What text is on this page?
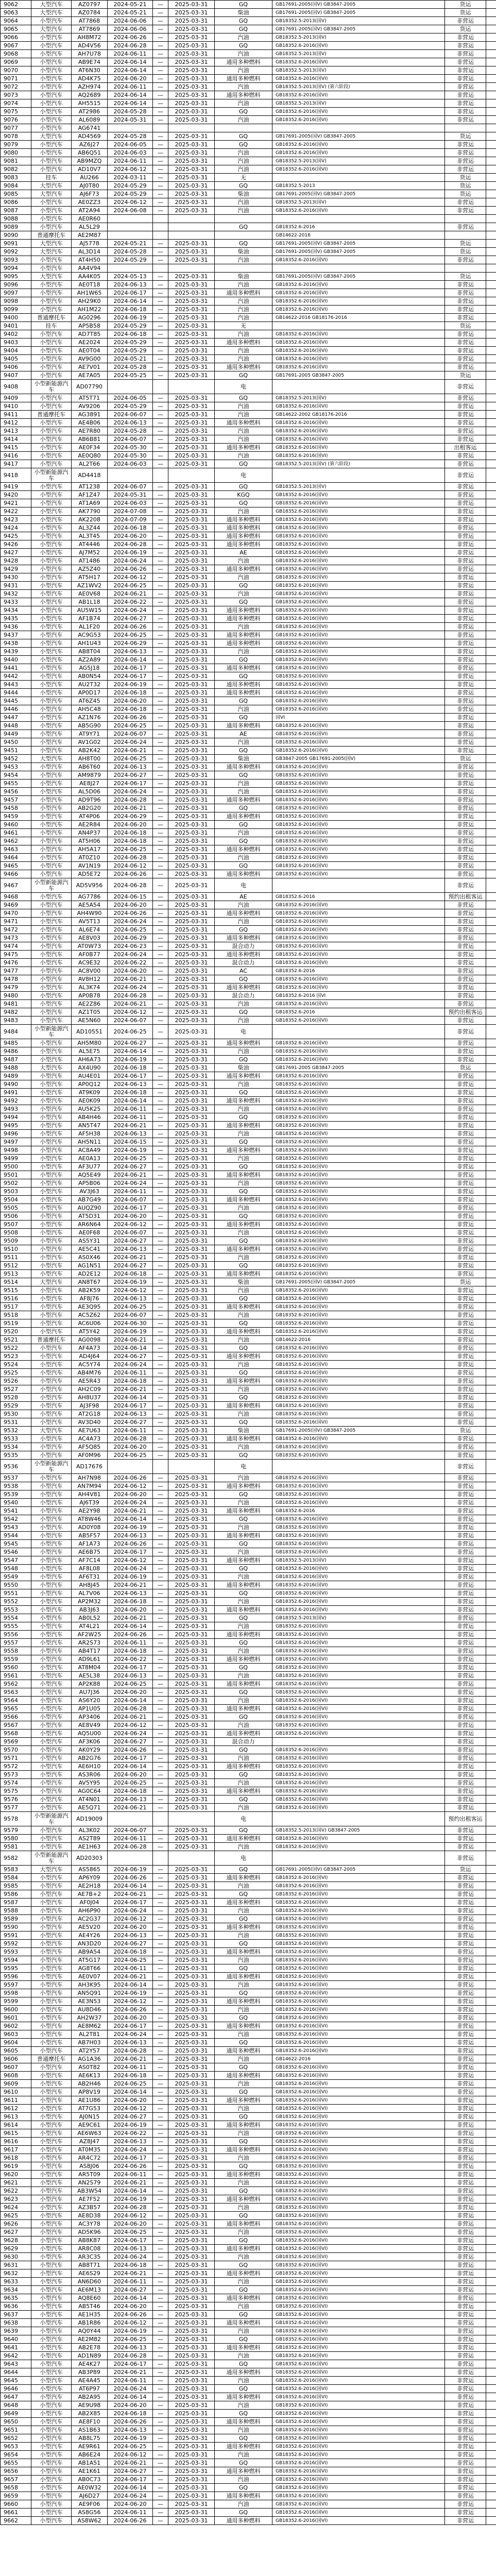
9062	大型汽车	AZ0797	2024-05-21	—	2025-03-31	GQ	GB17691-2005(国V) GB3847-2005	货运	
9063	大型汽车	AZ0784	2024-05-21	—	2025-03-31	柴油	GB17691-2005(国V) GB3847-2005	货运	
9064	小型汽车	AT7868	2024-06-06	—	2025-03-31	GQ	GB18352.5-2013(国V)	非营运	
9065	大型汽车	AT7869	2024-06-06	—	2025-03-31	GQ	GB17691-2005(国V) GB3847-2005	货运	
9066	小型汽车	AH8M72	2024-06-26	—	2025-03-31	汽油	GB18352.5-2013(国V)	非营运	
9067	小型汽车	AD4V56	2024-06-28	—	2025-03-31	GQ	GB18352.6-2016(国VI)	非营运	
9068	小型汽车	AH7U78	2024-06-11	—	2025-03-31	汽油	GB18352.5-2013(国V)	非营运	
9069	小型汽车	AB9E74	2024-06-14	—	2025-03-31	通用多种燃料	GB18352.6-2016(国VI)	非营运	
9070	小型汽车	AT6N30	2024-06-14	—	2025-03-31	汽油	GB18352.5-2013(国V)	非营运	
9071	小型汽车	AD4K75	2024-06-20	—	2025-03-31	通用多种燃料	GB18352.6-2016(国VI)	非营运	
9072	小型汽车	AZH974	2024-06-11	—	2025-03-31	汽油	GB18352.5-2013(国V) (第六阶段)	非营运	
9073	小型汽车	AQ2689	2024-06-14	—	2025-03-31	通用多种燃料	GB18352.6-2016(国VI)	非营运	
9074	小型汽车	AH5515	2024-06-14	—	2025-03-31	汽油	GB18352.5-2013(国V)	非营运	
9075	小型汽车	AT2986	2024-05-28	—	2025-03-31	GQ	GB18352.6-2016(国VI)	非营运	
9076	小型汽车	AL6089	2024-05-31	—	2025-03-31	汽油	GB18352.6-2016(国VI)	非营运	
9077	小型汽车	AG6741							
9078	大型汽车	AD4569	2024-05-28	—	2025-03-31	GQ	GB17691-2005(国V) GB3847-2005	货运	
9079	小型汽车	AZ6J27	2024-06-05	—	2025-03-31	GQ	GB18352.6-2016(国VI)	非营运	
9080	小型汽车	AB6Q51	2024-06-03	—	2025-03-31	汽油	GB18352.6-2016(国VI)	非营运	
9081	小型汽车	AB9MZQ	2024-06-11	—	2025-03-31	汽油	GB18352.5-2013(国V)	非营运	
9082	小型汽车	AD10V7	2024-06-12	—	2025-03-31	汽油	GB18352.6-2016(国VI)	非营运	
9083	挂车	AU266	2024-03-11	—	2025-03-31	无		货运	
9084	大型汽车	AJ0T80	2024-05-29	—	2025-03-31	GQ	GB18352.5-2013	货运	
9085	大型汽车	AJ6F73	2024-05-29	—	2025-03-31	柴油	GB17691-2005(国V) GB3847-2005	货运	
9086	小型汽车	AE0ZZ3	2024-06-12	—	2025-03-31	汽油	GB18352.5-2013(国V)	非营运	
9087	小型汽车	AT2A94	2024-06-08	—	2025-03-31	汽油	GB18352.6-2016(国VI)	非营运	
9088	小型汽车	AE0R60							
9089	小型汽车	AL5L29				GQ	GB18352.6-2016	非营运	
9090	普通摩托车	AE2M87					GB14622-2016		
9091	大型汽车	AJ5778	2024-05-21	—	2025-03-31	GQ	GB17691-2005(国V) GB3847-2005	货运	
9092	大型汽车	AL3D14	2024-05-28	—	2025-03-31	柴油	GB17691-2005(国V) GB3847-2005	货运	
9093	小型汽车	AT4H50	2024-05-29	—	2025-03-31	汽油	GB18352.6-2016(国VI)	非营运	
9094	小型汽车	AA4V94							
9095	大型汽车	AA4K05	2024-05-13	—	2025-03-31	柴油	GB17691-2005(国V) GB3847-2005	货运	
9096	小型汽车	AE0T18	2024-06-13	—	2025-03-31	汽油	GB18352.6-2016(国VI)	非营运	
9097	小型汽车	AH1W65	2024-06-17	—	2025-03-31	通用多种燃料	GB18352.6-2016(国VI)	非营运	
9098	小型汽车	AH29K0	2024-06-14	—	2025-03-31	汽油	GB18352.6-2016(国VI)	非营运	
9099	小型汽车	AH1M22	2024-06-18	—	2025-03-31	汽油	GB18352.6-2016(国VI)	非营运	
9400	普通摩托车	AG0296	2024-06-19	—	2025-03-31	汽油	GB14622-2016 GB18176-2016	非营运	
9401	挂车	AP5B58	2024-05-29	—	2025-03-31	无		货运	
9402	小型汽车	AD7T85	2024-06-18	—	2025-03-31	汽油	GB18352.6-2016(国VI)	非营运	
9403	小型汽车	AE2024	2024-05-29	—	2025-03-31	通用多种燃料	GB18352.6-2016(国VI)	非营运	
9404	小型汽车	AE0T04	2024-05-29	—	2025-03-31	汽油	GB18352.6-2016(国VI)	非营运	
9405	小型汽车	AV9G00	2024-05-21	—	2025-03-31	汽油	GB18352.6-2016(国VI)	非营运	
9406	小型汽车	AE7V01	2024-05-28	—	2025-03-31	通用多种燃料	GB18352.6-2016(国VI)	非营运	
9407	小型汽车	AE7A05	2024-05-25	—	2025-03-31	GQ	GB17691-2005 GB3847-2005	货运	
9408	小型新能源汽车	AD07790				电		非营运	
9409	小型汽车	AT5T71	2024-06-05	—	2025-03-31	GQ	GB18352.5-2013(国V)	非营运	
9410	小型汽车	AV9206	2024-05-29	—	2025-03-31	汽油	GB18352.6-2016(国VI)	非营运	
9411	普通摩托车	AG3891	2024-06-07	—	2025-03-31	汽油	GB14622-2002 GB18176-2016	非营运	
9412	小型汽车	AE4B06	2024-06-13	—	2025-03-31	通用多种燃料	GB18352.6-2016(国VI)	非营运	
9413	小型汽车	AE7R80	2024-05-28	—	2025-03-31	汽油	GB18352.6-2016(国VI)	非营运	
9414	小型汽车	AB6B81	2024-06-07	—	2025-03-31	汽油	GB18352.6-2016(国VI)	非营运	
9415	小型汽车	AE0F34	2024-05-30	—	2025-03-31	通用多种燃料	GB18352.6-2016(国VI)	出租客运	
9416	小型汽车	AE0Q80	2024-05-30	—	2025-03-31	汽油	GB18352.6-2016(国VI)	非营运	
9417	小型汽车	AL2T66	2024-06-03	—	2025-03-31	GQ	GB18352.5-2013(国V) (第六阶段)	非营运	
9418	小型新能源汽车	AD4418				电		非营运	
9419	小型汽车	AT1238	2024-06-07	—	2025-03-31	GQ	GB18352.5-2013(国V)	非营运	
9420	小型汽车	AF1Z47	2024-05-31	—	2025-03-31	KGQ	GB18352.6-2016(国VI)	非营运	
9421	小型汽车	AT1A69	2024-06-03	—	2025-03-31	GQ	GB18352.6-2016(国VI)	非营运	
9422	小型汽车	AK7790	2024-07-08	—	2025-03-31	汽油	GB18352.6-2016(国VI)	非营运	
9423	小型汽车	AK2208	2024-07-09	—	2025-03-31	通用多种燃料	GB18352.6-2016(国VI)	非营运	
9424	小型汽车	AL3Z44	2024-06-18	—	2025-03-31	通用多种燃料	GB18352.6-2016(国VI)	非营运	
9425	小型汽车	AL3T45	2024-06-20	—	2025-03-31	通用多种燃料	GB18352.6-2016(国VI)	非营运	
9426	小型汽车	AT4446	2024-06-28	—	2025-03-31	通用多种燃料	GB18352.6-2016(国VI)	非营运	
9427	小型汽车	AJ7M52	2024-06-19	—	2025-03-31	AE	GB18352.6-2016(国VI)	非营运	
9428	小型汽车	AT1486	2024-06-24	—	2025-03-31	汽油	GB18352.6-2016(国VI)	非营运	
9429	小型汽车	AZ5Z40	2024-06-26	—	2025-03-31	通用多种燃料	GB18352.6-2016(国VI)	非营运	
9430	小型汽车	AT5H17	2024-06-12	—	2025-03-31	汽油	GB18352.6-2016(国VI)	非营运	
9431	小型汽车	AZ1WV2	2024-06-25	—	2025-03-31	GQ	GB18352.6-2016(国VI)	非营运	
9432	小型汽车	AE0V68	2024-06-21	—	2025-03-31	汽油	GB18352.6-2016(国VI)	非营运	
9433	小型汽车	AB1L18	2024-06-22	—	2025-03-31	GQ	GB18352.6-2016(国VI)	非营运	
9434	小型汽车	AU5W15	2024-06-24	—	2025-03-31	通用多种燃料	GB18352.6-2016(国VI)	非营运	
9435	小型汽车	AF1B74	2024-06-27	—	2025-03-31	通用多种燃料	GB18352.6-2016(国VI)	非营运	
9436	小型汽车	AL1F20	2024-06-26	—	2025-03-31	汽油	GB18352.6-2016(国VI)	非营运	
9437	小型汽车	AC9G53	2024-06-25	—	2025-03-31	通用多种燃料	GB18352.6-2016(国VI)	非营运	
9438	小型汽车	AH1U43	2024-06-29	—	2025-03-31	通用多种燃料	GB18352.6-2016(国VI)	非营运	
9439	小型汽车	AB8T04	2024-06-13	—	2025-03-31	汽油	GB18352.6-2016(国VI)	非营运	
9440	小型汽车	AZ2A89	2024-06-14	—	2025-03-31	GQ	GB18352.6-2016(国VI)	非营运	
9441	小型汽车	AG5J18	2024-06-17	—	2025-03-31	通用多种燃料	GB18352.6-2016(国VI)	非营运	
9442	小型汽车	AB0N54	2024-06-17	—	2025-03-31	GQ	GB18352.6-2016(国VI)	非营运	
9443	小型汽车	AU2T32	2024-06-19	—	2025-03-31	通用多种燃料	GB18352.6-2016(国VI)	非营运	
9444	小型汽车	AP0D17	2024-06-18	—	2025-03-31	通用多种燃料	GB18352.6-2016(国VI)	非营运	
9445	小型汽车	AT6Z45	2024-06-20	—	2025-03-31	GQ	GB18352.6-2016(国VI)	非营运	
9446	小型汽车	AH5C48	2024-06-18	—	2025-03-31	汽油	GB18352.6-2016(国VI)	非营运	
9447	小型汽车	AZ1N76	2024-06-26	—	2025-03-31	GQ	国VI	非营运	
9448	小型汽车	AB5G90	2024-06-25	—	2025-03-31	通用多种燃料	GB18352.6-2016(国VI)	非营运	
9449	小型汽车	AT9Y71	2024-06-07	—	2025-03-31	AE	GB18352.6-2016(国VI)	非营运	
9450	小型汽车	AV1G02	2024-06-24	—	2025-03-31	汽油	GB18352.6-2016(国VI)	非营运	
9451	小型汽车	AB2K42	2024-06-21	—	2025-03-31	GQ	GB18352.6-2016(国VI)	非营运	
9452	大型汽车	AH8T00	2024-06-25	—	2025-03-31	柴油	GB3847-2005 GB17691-2005(国V)	货运	
9453	小型汽车	AB6T60	2024-06-13	—	2025-03-31	通用多种燃料	GB18352.6-2016(国VI)	非营运	
9454	小型汽车	AM9879	2024-06-27	—	2025-03-31	GQ	GB18352.6-2016(国VI)	非营运	
9455	小型汽车	AE8J27	2024-06-17	—	2025-03-31	汽油	GB18352.6-2016(国VI)	非营运	
9456	小型汽车	AL5D06	2024-06-24	—	2025-03-31	汽油	GB18352.6-2016(国VI)	非营运	
9457	小型汽车	AD9T96	2024-06-28	—	2025-03-31	通用多种燃料	GB18352.6-2016(国VI)	非营运	
9458	小型汽车	AB2G20	2024-06-21	—	2025-03-31	GQ	GB18352.6-2016(国VI)	非营运	
9459	小型汽车	AT4P06	2024-06-29	—	2025-03-31	通用多种燃料	GB18352.6-2016(国VI)	非营运	
9460	小型汽车	AE2R84	2024-06-20	—	2025-03-31	GQ	GB18352.6-2016(国VI)	非营运	
9461	小型汽车	AN4P37	2024-06-18	—	2025-03-31	汽油	GB18352.6-2016(国VI)	非营运	
9462	小型汽车	AT5H06	2024-06-18	—	2025-03-31	GQ	GB18352.6-2016(国VI)	非营运	
9463	小型汽车	AH5A17	2024-06-25	—	2025-03-31	通用多种燃料	GB18352.6-2016(国VI)	非营运	
9464	小型汽车	AT0Z10	2024-06-28	—	2025-03-31	汽油	GB18352.6-2016(国VI)	非营运	
9465	小型汽车	AV1N19	2024-06-12	—	2025-03-31	GQ	GB18352.6-2016(国VI)	非营运	
9466	小型汽车	AD5E72	2024-06-26	—	2025-03-31	通用多种燃料	GB18352.6-2016(国VI)	非营运	
9467	小型新能源汽车	AD5V956	2024-06-28	—	2025-03-31	电		非营运	
9468	小型汽车	AG7786	2024-06-15	—	2025-03-31	AE	GB18352.6-2016	预约出租客运	
9469	小型汽车	AE5A54	2024-06-20	—	2025-03-31	汽油	GB18352.6-2016(国VI)	非营运	
9470	小型汽车	AH4W90	2024-06-26	—	2025-03-31	通用多种燃料	GB18352.6-2016(国VI)	非营运	
9471	小型汽车	AV5T13	2024-06-24	—	2025-03-31	汽油	GB18352.6-2016(国VI)	非营运	
9472	小型汽车	AL6E74	2024-06-25	—	2025-03-31	GQ	GB18352.6-2016(国VI)	非营运	
9473	小型汽车	AE8V03	2024-06-29	—	2025-03-31	通用多种燃料	GB18352.6-2016(国VI)	非营运	
9474	小型汽车	AT0W73	2024-06-23	—	2025-03-31	混合动力	GB18352.6-2016(国VI)	非营运	
9475	小型汽车	AF0B77	2024-06-24	—	2025-03-31	通用多种燃料	GB18352.6-2016(国VI)	非营运	
9476	小型汽车	AC9E32	2024-06-22	—	2025-03-31	混合动力	GB18352.6-2016(国VI)	非营运	
9477	小型汽车	AC8V00	2024-06-20	—	2025-03-31	AC	GB18352.6-2016	非营运	
9478	小型汽车	AV8H12	2024-06-21	—	2025-03-31	GQ	GB18352.6-2016(国VI)	非营运	
9479	小型汽车	AL3K74	2024-06-24	—	2025-03-31	通用多种燃料	GB18352.6-2016(国VI)	非营运	
9480	小型汽车	AP0B78	2024-06-28	—	2025-03-31	混合动力	GB18352.6-2016 国VI	非营运	
9481	小型汽车	AE2Z86	2024-06-21	—	2025-03-31	汽油	GB18352.6-2016(国VI)	非营运	
9482	小型汽车	AZ1T05	2024-06-12	—	2025-03-31	GQ	GB18352.6-2016	预约出租客运	
9483	小型汽车	AE5N60	2024-06-07	—	2025-03-31	汽油	GB18352.6-2016(国VI)	非营运	
9484	小型新能源汽车	AD10551	2024-06-25	—	2025-03-31	电		非营运	
9485	小型汽车	AH5M80	2024-06-27	—	2025-03-31	通用多种燃料	GB18352.6-2016(国VI)	非营运	
9486	小型汽车	AL5E75	2024-06-14	—	2025-03-31	汽油	GB18352.6-2016(国VI)	非营运	
9487	小型汽车	AH6A73	2024-06-19	—	2025-03-31	GQ	GB18352.6-2016(国VI)	非营运	
9488	大型汽车	AX4U90	2024-06-18	—	2025-03-31	柴油	GB17691-2005 GB3847-2005	货运	
9489	小型汽车	AU4E01	2024-06-17	—	2025-03-31	通用多种燃料	GB18352.6-2016(国VI)	非营运	
9490	小型汽车	AP0Q12	2024-06-13	—	2025-03-31	汽油	GB18352.6-2016(国VI)	非营运	
9491	小型汽车	AT9K09	2024-06-18	—	2025-03-31	GQ	GB18352.6-2016(国VI)	非营运	
9492	小型汽车	AE0K09	2024-06-14	—	2025-03-31	通用多种燃料	GB18352.6-2016(国VI)	非营运	
9493	小型汽车	AU5K25	2024-06-11	—	2025-03-31	汽油	GB18352.6-2016(国VI)	非营运	
9494	小型汽车	AB4H46	2024-06-11	—	2025-03-31	GQ	GB18352.6-2016(国VI)	非营运	
9495	小型汽车	AN5T47	2024-06-21	—	2025-03-31	通用多种燃料	GB18352.6-2016(国VI)	非营运	
9496	小型汽车	AF5H38	2024-06-13	—	2025-03-31	汽油	GB18352.6-2016(国VI)	非营运	
9497	小型汽车	AH5N11	2024-06-15	—	2025-03-31	GQ	GB18352.6-2016(国VI)	非营运	
9498	小型汽车	AC8A49	2024-06-19	—	2025-03-31	通用多种燃料	GB18352.6-2016(国VI)	非营运	
9499	小型汽车	AE0A13	2024-06-25	—	2025-03-31	汽油	GB18352.6-2016(国VI)	非营运	
9500	小型汽车	AF3U77	2024-06-27	—	2025-03-31	GQ	GB18352.6-2016(国VI)	非营运	
9501	小型汽车	AQ5E49	2024-06-21	—	2025-03-31	通用多种燃料	GB18352.6-2016(国VI)	非营运	
9502	小型汽车	AP5B06	2024-06-24	—	2025-03-31	汽油	GB18352.6-2016(国VI)	非营运	
9503	小型汽车	AV3J63	2024-06-11	—	2025-03-31	GQ	GB18352.6-2016(国VI)	非营运	
9504	小型汽车	AB7G49	2024-06-07	—	2025-03-31	通用多种燃料	GB18352.6-2016(国VI)	非营运	
9505	小型汽车	AUQZ90	2024-06-17	—	2025-03-31	汽油	GB18352.6-2016(国VI)	非营运	
9506	小型汽车	AT5D31	2024-06-20	—	2025-03-31	GQ	GB18352.6-2016(国VI)	非营运	
9507	小型汽车	AR6N64	2024-06-12	—	2025-03-31	通用多种燃料	GB18352.6-2016(国VI)	非营运	
9508	小型汽车	AE0F68	2024-06-07	—	2025-03-31	汽油	GB18352.6-2016(国VI)	非营运	
9509	小型汽车	AS5Y31	2024-06-27	—	2025-03-31	GQ	GB18352.6-2016(国VI)	非营运	
9510	小型汽车	AE5C41	2024-06-13	—	2025-03-31	通用多种燃料	GB18352.6-2016(国VI)	非营运	
9511	小型汽车	AS0X46	2024-06-21	—	2025-03-31	汽油	GB18352.6-2016(国VI)	非营运	
9512	小型汽车	AG1N51	2024-06-27	—	2025-03-31	GQ	GB18352.6-2016(国VI)	非营运	
9513	小型汽车	AD2E12	2024-06-18	—	2025-03-31	通用多种燃料	GB18352.6-2016(国VI)	非营运	
9514	大型汽车	AN8T67	2024-06-19	—	2025-03-31	柴油	GB17691-2005(国V) GB3847-2005	货运	
9515	小型汽车	AB2K59	2024-06-12	—	2025-03-31	汽油	GB18352.6-2016(国VI)	非营运	
9516	小型汽车	AF8J76	2024-06-13	—	2025-03-31	GQ	GB18352.6-2016(国VI)	非营运	
9517	小型汽车	AE3Q95	2024-06-25	—	2025-03-31	通用多种燃料	GB18352.6-2016(国VI)	非营运	
9518	小型汽车	AC5Z62	2024-06-07	—	2025-03-31	汽油	GB18352.6-2016(国VI)	非营运	
9519	小型汽车	AC6U06	2024-06-30	—	2025-03-31	GQ	GB18352.6-2016(国VI)	非营运	
9520	小型汽车	AT5Y42	2024-06-19	—	2025-03-31	通用多种燃料	GB18352.6-2016(国VI)	非营运	
9521	普通摩托车	AG0098	2024-06-21	—	2025-03-31	汽油	GB14622-2016	非营运	
9522	小型汽车	AF4A73	2024-06-14	—	2025-03-31	GQ	GB18352.6-2016(国VI)	非营运	
9523	小型汽车	AD4J64	2024-06-27	—	2025-03-31	通用多种燃料	GB18352.6-2016(国VI)	非营运	
9524	小型汽车	AC5Y74	2024-06-24	—	2025-03-31	汽油	GB18352.6-2016(国VI)	非营运	
9525	小型汽车	AB4M76	2024-06-11	—	2025-03-31	GQ	GB18352.6-2016(国VI)	非营运	
9526	小型汽车	AE5R43	2024-06-18	—	2025-03-31	通用多种燃料	GB18352.6-2016(国VI)	非营运	
9527	小型汽车	AH2C09	2024-06-21	—	2025-03-31	汽油	GB18352.6-2016(国VI)	非营运	
9528	小型汽车	AH8U37	2024-06-14	—	2025-03-31	GQ	GB18352.6-2016(国VI)	非营运	
9529	小型汽车	AJ3F98	2024-06-17	—	2025-03-31	通用多种燃料	GB18352.6-2016(国VI)	非营运	
9530	小型汽车	AT2G18	2024-06-13	—	2025-03-31	汽油	GB18352.6-2016(国VI)	非营运	
9531	小型汽车	AV3D40	2024-06-27	—	2025-03-31	GQ	GB18352.6-2016(国VI)	非营运	
9532	大型汽车	AE7U63	2024-06-11	—	2025-03-31	柴油	GB17691-2005(国V) GB3847-2005	货运	
9533	小型汽车	AC4A73	2024-06-28	—	2025-03-31	通用多种燃料	GB18352.6-2016(国VI)	非营运	
9534	小型汽车	AF5Q85	2024-06-20	—	2025-03-31	汽油	GB18352.6-2016(国VI)	非营运	
9535	小型汽车	AF0M96	2024-06-25	—	2025-03-31	GQ	GB18352.6-2016(国VI)	非营运	
9536	小型新能源汽车	AD17676				电		非营运	
9537	小型汽车	AH7N98	2024-06-26	—	2025-03-31	汽油	GB18352.6-2016(国VI)	非营运	
9538	小型汽车	AN7M94	2024-06-12	—	2025-03-31	通用多种燃料	GB18352.6-2016(国VI)	非营运	
9539	小型汽车	AH4V81	2024-06-20	—	2025-03-31	GQ	GB18352.6-2016(国VI)	非营运	
9540	小型汽车	AJ6T39	2024-06-24	—	2025-03-31	汽油	GB18352.6-2016(国VI)	非营运	
9541	小型汽车	AE2Y98	2024-06-21	—	2025-03-31	通用多种燃料	GB18352.6-2016	非营运	
9542	小型汽车	AT8W46	2024-06-14	—	2025-03-31	GQ	GB18352.6-2016(国VI)	非营运	
9543	小型汽车	AD0Y08	2024-06-19	—	2025-03-31	汽油	GB18352.6-2016(国VI)	非营运	
9544	小型汽车	AB5F57	2024-06-13	—	2025-03-31	通用多种燃料	GB18352.6-2016(国VI)	非营运	
9545	小型汽车	AF1A73	2024-06-26	—	2025-03-31	GQ	GB18352.6-2016(国VI)	非营运	
9546	小型汽车	AE6B75	2024-06-17	—	2025-03-31	汽油	GB18352.6-2016(国VI)	非营运	
9547	小型汽车	AF7C14	2024-06-12	—	2025-03-31	通用多种燃料	GB18352.5-2013(国V)	非营运	
9548	小型汽车	AF8L08	2024-06-24	—	2025-03-31	GQ	GB18352.6-2016(国VI)	非营运	
9549	小型汽车	AF6T31	2024-06-19	—	2025-03-31	汽油	GB18352.6-2016(国VI)	非营运	
9550	小型汽车	AH8J45	2024-06-21	—	2025-03-31	通用多种燃料	GB18352.6-2016(国VI)	非营运	
9551	小型汽车	AL7V06	2024-06-13	—	2025-03-31	GQ	GB18352.6-2016(国VI)	非营运	
9552	小型汽车	AP2M32	2024-06-18	—	2025-03-31	汽油	GB18352.6-2016(国VI)	非营运	
9553	小型汽车	AB3J63	2024-06-20	—	2025-03-31	通用多种燃料	GB18352.6-2016(国VI)	非营运	
9554	小型汽车	AB0L52	2024-06-21	—	2025-03-31	GQ	GB18352.5-2013(国V)	非营运	
9555	小型汽车	AT4L21	2024-06-14	—	2025-03-31	汽油	GB18352.6-2016(国VI)	非营运	
9556	小型汽车	AF2W25	2024-06-26	—	2025-03-31	通用多种燃料	GB18352.6-2016(国VI)	非营运	
9557	小型汽车	AR2S73	2024-06-11	—	2025-03-31	GQ	GB18352.6-2016(国VI)	非营运	
9558	小型汽车	AB4T17	2024-06-18	—	2025-03-31	汽油	GB18352.6-2016(国VI)	非营运	
9559	小型汽车	AD9L61	2024-06-22	—	2025-03-31	通用多种燃料	GB18352.6-2016(国VI)	非营运	
9560	小型汽车	AT8M04	2024-06-17	—	2025-03-31	GQ	GB18352.6-2016(国VI)	非营运	
9561	小型汽车	AE5L38	2024-06-13	—	2025-03-31	汽油	GB18352.6-2016(国VI)	非营运	
9562	小型汽车	AP2K88	2024-06-25	—	2025-03-31	通用多种燃料	GB18352.6-2016(国VI)	非营运	
9563	小型汽车	AU7J36	2024-06-20	—	2025-03-31	GQ	GB18352.6-2016(国VI)	非营运	
9564	小型汽车	AS6Y20	2024-06-14	—	2025-03-31	汽油	GB18352.6-2016(国VI)	非营运	
9565	小型汽车	AP1U05	2024-06-28	—	2025-03-31	通用多种燃料	GB18352.6-2016(国VI)	非营运	
9566	小型汽车	AP3406	2024-06-21	—	2025-03-31	GQ	GB18352.6-2016(国VI)	非营运	
9567	小型汽车	AE8V49	2024-06-12	—	2025-03-31	汽油	GB18352.6-2016(国VI)	非营运	
9568	小型汽车	AQ5U00	2024-06-24	—	2025-03-31	通用多种燃料	GB18352.6-2016(国VI)	非营运	
9569	小型汽车	AF3K06	2024-06-27	—	2025-03-31	混合动力		非营运	
9570	小型汽车	AK0Y29	2024-06-26	—	2025-03-31	GQ	GB18352.6-2016(国VI)	非营运	
9571	小型汽车	AB2G76	2024-06-17	—	2025-03-31	汽油	GB18352.6-2016(国VI)	非营运	
9572	小型汽车	AE6H10	2024-06-14	—	2025-03-31	通用多种燃料	GB18352.6-2016(国VI)	非营运	
9573	小型汽车	AS3R06	2024-06-20	—	2025-03-31	GQ	GB18352.6-2016(国VI)	非营运	
9574	小型汽车	AV5Y95	2024-06-25	—	2025-03-31	汽油	GB18352.6-2016(国VI)	非营运	
9575	小型汽车	AG0C64	2024-06-18	—	2025-03-31	通用多种燃料	GB18352.6-2016(国VI)	非营运	
9576	小型汽车	AT4N01	2024-06-13	—	2025-03-31	GQ	GB18352.6-2016(国VI)	非营运	
9577	小型汽车	AE5Q71	2024-06-21	—	2025-03-31	汽油	GB18352.6-2016(国VI)	非营运	
9578	小型新能源汽车	AD19009				电		预约出租客运	
9579	小型汽车	AL3K02	2024-06-07	—	2025-03-31	GQ	GB18352.5-2013(国V) GB3847-2005	非营运	
9580	小型汽车	AS2T89	2024-06-11	—	2025-03-31	通用多种燃料	GB18352.6-2016(国VI)	非营运	
9581	小型汽车	AE1H63	2024-06-28	—	2025-03-31	汽油	GB18352.6-2016(国VI)	非营运	
9582	小型新能源汽车	AD20303				电		非营运	
9583	大型汽车	AS5865	2024-06-19	—	2025-03-31	GQ	GB17691-2005(国V) GB3847-2005	货运	
9584	小型汽车	AP6Y09	2024-06-26	—	2025-03-31	通用多种燃料	GB18352.6-2016(国VI)	非营运	
9585	小型汽车	AE2H18	2024-06-14	—	2025-03-31	汽油	GB18352.6-2016(国VI)	非营运	
9586	小型汽车	AE7B+2	2024-06-21	—	2025-03-31	GQ	GB18352.6-2016(国VI)	非营运	
9587	小型汽车	AF0J04	2024-06-17	—	2025-03-31	通用多种燃料	GB18352.6-2016(国VI)	非营运	
9588	小型汽车	AH6P90	2024-06-24	—	2025-03-31	汽油	GB18352.6-2016(国VI)	非营运	
9589	小型汽车	AC2G37	2024-06-12	—	2025-03-31	GQ	GB18352.6-2016(国VI)	非营运	
9590	小型汽车	AE5V20	2024-06-20	—	2025-03-31	通用多种燃料	GB18352.6-2016(国VI)	非营运	
9591	小型汽车	AE4Y26	2024-06-13	—	2025-03-31	汽油	GB18352.6-2016(国VI)	非营运	
9592	小型汽车	AN3D20	2024-06-27	—	2025-03-31	GQ	GB18352.6-2016(国VI)	非营运	
9593	小型汽车	AB9A54	2024-06-18	—	2025-03-31	通用多种燃料	GB18352.6-2016(国VI)	非营运	
9594	小型汽车	AT5G17	2024-06-25	—	2025-03-31	汽油	GB18352.6-2016(国VI)	非营运	
9595	小型汽车	AG8T66	2024-06-11	—	2025-03-31	GQ	GB18352.6-2016(国VI)	非营运	
9596	小型汽车	AE0V07	2024-06-21	—	2025-03-31	通用多种燃料	GB18352.6-2016(国VI)	非营运	
9597	小型汽车	AH3K95	2024-06-14	—	2025-03-31	汽油	GB18352.6-2016(国VI)	非营运	
9598	小型汽车	AN5Q91	2024-06-19	—	2025-03-31	GQ	GB18352.6-2016(国VI)	非营运	
9599	小型汽车	AE3N53	2024-06-12	—	2025-03-31	通用多种燃料	GB18352.6-2016(国VI)	非营运	
9600	小型汽车	AU8D46	2024-06-26	—	2025-03-31	汽油	GB18352.6-2016(国VI)	非营运	
9601	小型汽车	AH2W37	2024-06-20	—	2025-03-31	GQ	GB18352.6-2016(国VI)	非营运	
9602	小型汽车	AE8M62	2024-06-17	—	2025-03-31	通用多种燃料	GB18352.6-2016(国VI)	非营运	
9603	小型汽车	AL2T81	2024-06-24	—	2025-03-31	汽油	GB18352.6-2016(国VI)	非营运	
9604	小型汽车	AB7H03	2024-06-13	—	2025-03-31	GQ	GB18352.6-2016(国VI)	非营运	
9605	小型汽车	AT2Y57	2024-06-28	—	2025-03-31	通用多种燃料	GB18352.6-2016(国VI)	非营运	
9606	普通摩托车	AG1A36	2024-06-21	—	2025-03-31	汽油	GB14622-2016	非营运	
9607	小型汽车	AS0T82	2024-06-11	—	2025-03-31	GQ	GB18352.6-2016(国VI)	非营运	
9608	小型汽车	AE6K13	2024-06-18	—	2025-03-31	通用多种燃料	GB18352.6-2016(国VI)	非营运	
9609	小型汽车	AB2H46	2024-06-25	—	2025-03-31	汽油	GB18352.6-2016(国VI)	非营运	
9610	小型汽车	AP8V19	2024-06-14	—	2025-03-31	GQ	GB18352.6-2016(国VI)	非营运	
9611	小型汽车	AE1U86	2024-06-20	—	2025-03-31	通用多种燃料	GB18352.6-2016(国VI)	非营运	
9612	小型汽车	AT7G53	2024-06-12	—	2025-03-31	汽油	GB18352.6-2016(国VI)	非营运	
9613	小型汽车	AJ0N15	2024-06-27	—	2025-03-31	GQ	GB18352.6-2016(国VI)	非营运	
9614	小型汽车	AE9C61	2024-06-19	—	2025-03-31	通用多种燃料	GB18352.6-2016(国VI)	非营运	
9615	小型汽车	AE6W63	2024-06-22	—	2025-03-31	汽油	GB18352.6-2016(国VI)	非营运	
9616	小型汽车	AZ8J47	2024-06-13	—	2025-03-31	GQ	GB18352.6-2016(国VI)	非营运	
9617	小型汽车	AT0M35	2024-06-24	—	2025-03-31	通用多种燃料	GB18352.6-2016(国VI)	非营运	
9618	小型汽车	AR4C72	2024-06-17	—	2025-03-31	汽油	GB18352.6-2016(国VI)	非营运	
9619	小型汽车	AS8J06	2024-06-26	—	2025-03-31	GQ	GB18352.6-2016(国VI)	非营运	
9620	小型汽车	AR5T09	2024-06-11	—	2025-03-31	通用多种燃料	GB18352.6-2016(国VI)	非营运	
9621	小型汽车	AN2S79	2024-06-21	—	2025-03-31	汽油	GB18352.6-2016(国VI)	非营运	
9622	小型汽车	AB3W54	2024-06-14	—	2025-03-31	GQ	GB18352.6-2016(国VI)	非营运	
9623	小型汽车	AE7F52	2024-06-19	—	2025-03-31	通用多种燃料	GB18352.6-2016(国VI)	非营运	
9624	小型汽车	AZ3B57	2024-06-28	—	2025-03-31	汽油	GB18352.6-2016(国VI)	非营运	
9625	小型汽车	AE8D38	2024-06-12	—	2025-03-31	GQ	GB18352.6-2016(国VI)	非营运	
9626	小型汽车	AC3Y78	2024-06-20	—	2025-03-31	通用多种燃料	GB18352.6-2016(国VI)	非营运	
9627	小型汽车	AD5K96	2024-06-25	—	2025-03-31	汽油	GB18352.6-2016(国VI)	非营运	
9628	小型汽车	AB8K87	2024-06-17	—	2025-03-31	GQ	GB18352.6-2016(国VI)	非营运	
9629	小型汽车	AR8C08	2024-06-13	—	2025-03-31	通用多种燃料	GB18352.6-2016(国VI)	非营运	
9630	小型汽车	AR3C35	2024-06-24	—	2025-03-31	汽油	GB18352.6-2016(国VI)	非营运	
9631	小型汽车	AB8T71	2024-06-18	—	2025-03-31	GQ	GB18352.6-2016(国VI)	非营运	
9632	小型汽车	AE6S29	2024-06-21	—	2025-03-31	通用多种燃料	GB18352.6-2016(国VI)	非营运	
9633	小型汽车	AN6D60	2024-06-11	—	2025-03-31	汽油	GB18352.6-2016(国VI)	非营运	
9634	小型汽车	AE6M13	2024-06-27	—	2025-03-31	GQ	GB18352.6-2016(国VI)	非营运	
9635	小型汽车	AQ8E60	2024-06-14	—	2025-03-31	通用多种燃料	GB18352.6-2016(国VI)	非营运	
9636	小型汽车	AB5T46	2024-06-20	—	2025-03-31	汽油	GB18352.6-2016(国VI)	非营运	
9637	小型汽车	AE1H35	2024-06-26	—	2025-03-31	GQ	GB18352.6-2016(国VI)	非营运	
9638	小型汽车	AB1R86	2024-06-12	—	2025-03-31	通用多种燃料	GB18352.6-2016(国VI)	非营运	
9639	小型汽车	AQ0Y44	2024-06-19	—	2025-03-31	汽油	GB18352.6-2016(国VI)	非营运	
9640	小型汽车	AE2M82	2024-06-25	—	2025-03-31	GQ	GB18352.6-2016(国VI)	非营运	
9641	小型汽车	AB2E78	2024-06-13	—	2025-03-31	通用多种燃料	GB18352.6-2016(国VI)	非营运	
9642	小型汽车	AD1N89	2024-06-28	—	2025-03-31	汽油	GB18352.6-2016(国VI)	非营运	
9643	小型汽车	AE4K27	2024-06-17	—	2025-03-31	GQ	GB18352.6-2016(国VI)	非营运	
9644	小型汽车	AB3P89	2024-06-21	—	2025-03-31	通用多种燃料	GB18352.6-2016(国VI)	非营运	
9645	小型汽车	AE4A45	2024-06-11	—	2025-03-31	汽油	GB18352.6-2016(国VI)	非营运	
9646	小型汽车	AT6P97	2024-06-24	—	2025-03-31	GQ	GB18352.6-2016(国VI)	非营运	
9647	小型汽车	AB2A95	2024-06-14	—	2025-03-31	通用多种燃料	GB18352.6-2016(国VI)	非营运	
9648	小型汽车	AE9U98	2024-06-20	—	2025-03-31	汽油	GB18352.6-2016(国VI)	非营运	
9649	小型汽车	AB2X85	2024-06-18	—	2025-03-31	GQ	GB18352.6-2016(国VI)	非营运	
9650	小型汽车	AE8F10	2024-06-26	—	2025-03-31	通用多种燃料	GB18352.6-2016(国VI)	非营运	
9651	小型汽车	AS1B63	2024-06-13	—	2025-03-31	汽油	GB18352.6-2016(国VI)	非营运	
9652	小型汽车	AB8L75	2024-06-19	—	2025-03-31	GQ	GB18352.6-2016(国VI)	非营运	
9653	小型汽车	AE9R61	2024-06-25	—	2025-03-31	通用多种燃料	GB18352.6-2016(国VI)	非营运	
9654	小型汽车	AB6E24	2024-06-12	—	2025-03-31	汽油	GB18352.6-2016(国VI)	非营运	
9655	小型汽车	AB1A51	2024-06-21	—	2025-03-31	GQ	GB18352.6-2016(国VI)	非营运	
9656	小型汽车	AE1K61	2024-06-27	—	2025-03-31	通用多种燃料	GB18352.6-2016(国VI)	非营运	
9657	小型汽车	AB0C73	2024-06-17	—	2025-03-31	汽油	GB18352.6-2016(国VI)	非营运	
9658	小型汽车	AE0W32	2024-06-14	—	2025-03-31	GQ	GB18352.6-2016(国VI)	非营运	
9659	小型汽车	AJ6D27	2024-06-24	—	2025-03-31	通用多种燃料	GB18352.6-2016(国VI)	非营运	
9660	小型汽车	AE9F06	2024-06-20	—	2025-03-31	汽油	GB18352.6-2016(国VI)	非营运	
9661	小型汽车	AS8G56	2024-06-11	—	2025-03-31	GQ	GB18352.6-2016(国VI)	非营运	
9662	小型汽车	AS8W62	2024-06-26	—	2025-03-31	通用多种燃料	GB18352.6-2016(国VI)	非营运	
